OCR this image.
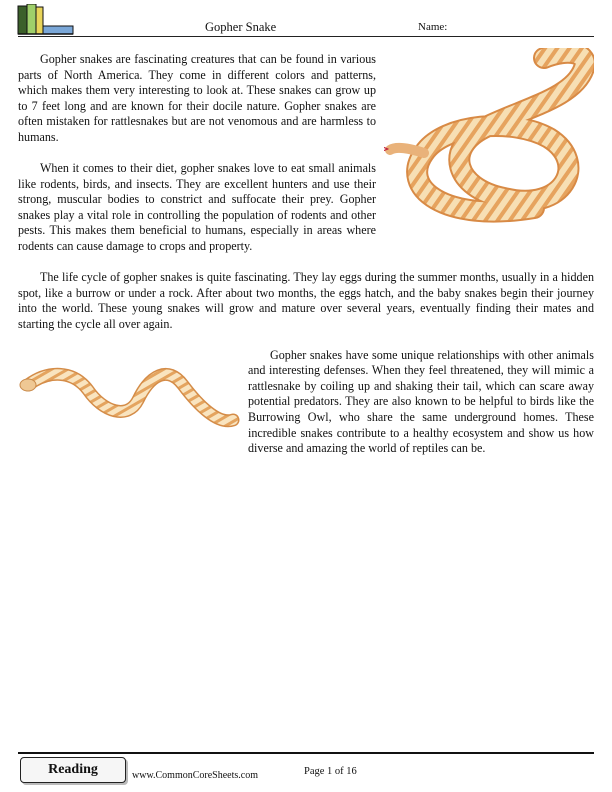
Gopher Snake	Name:

Gopher snakes are fascinating creatures that can be found in various parts of North America. They come in different colors and patterns, which makes them very interesting to look at. These snakes can grow up to 7 feet long and are known for their docile nature. Gopher snakes are often mistaken for rattlesnakes but are not venomous and are harmless to humans.

When it comes to their diet, gopher snakes love to eat small animals like rodents, birds, and insects. They are excellent hunters and use their strong, muscular bodies to constrict and suffocate their prey. Gopher snakes play a vital role in controlling the population of rodents and other pests. This makes them beneficial to humans, especially in areas where rodents can cause damage to crops and property.

The life cycle of gopher snakes is quite fascinating. They lay eggs during the summer months, usually in a hidden spot, like a burrow or under a rock. After about two months, the eggs hatch, and the baby snakes begin their journey into the world. These young snakes will grow and mature over several years, eventually finding their mates and starting the cycle all over again.

Gopher snakes have some unique relationships with other animals and interesting defenses. When they feel threatened, they will mimic a rattlesnake by coiling up and shaking their tail, which can scare away potential predators. They are also known to be helpful to birds like the Burrowing Owl, who share the same underground homes. These incredible snakes contribute to a healthy ecosystem and show us how diverse and amazing the world of reptiles can be.

Reading	www.CommonCoreSheets.com	Page 1 of 16
